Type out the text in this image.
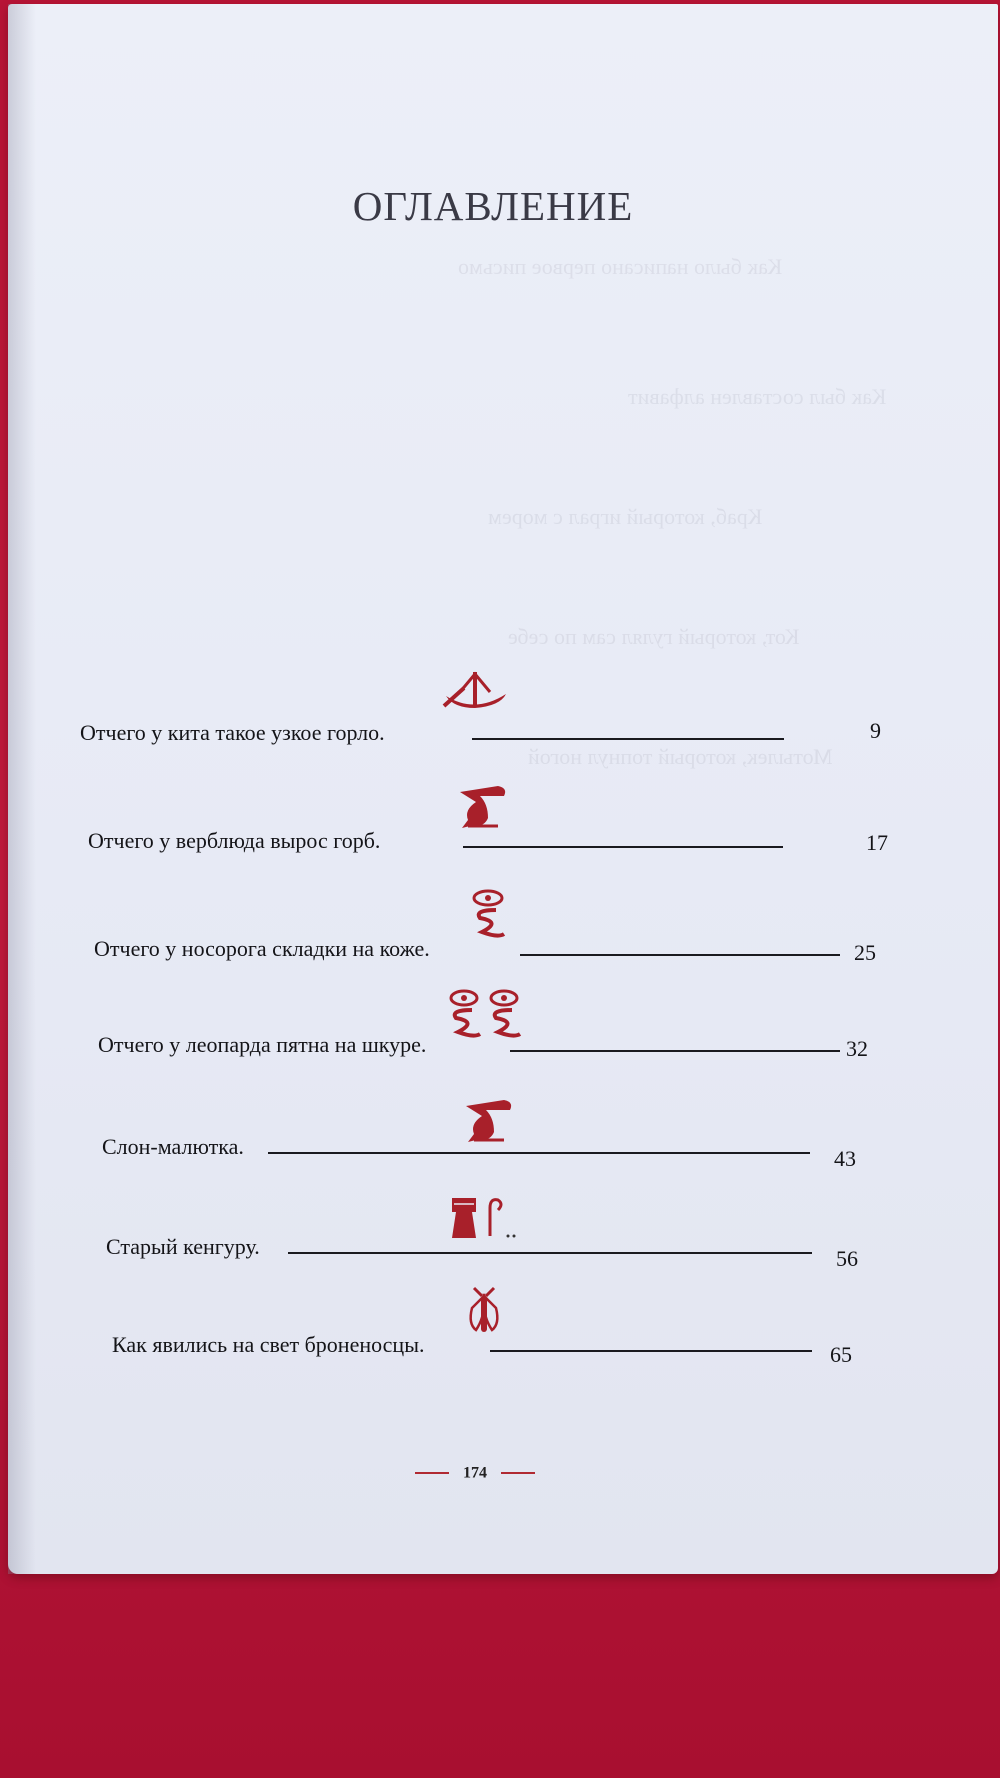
Как было написано первое письмо
Как был составлен алфавит
Краб, который играл с морем
Кот, который гулял сам по себе
Мотылек, который топнул ногой
ОГЛАВЛЕНИЕ
Отчего у кита такое узкое горло.	9
Отчего у верблюда вырос горб.	17
Отчего у носорога складки на коже.	25
Отчего у леопарда пятна на шкуре.	32
Слон-малютка.	43
Старый кенгуру.	56
Как явились на свет броненосцы.	65
174
